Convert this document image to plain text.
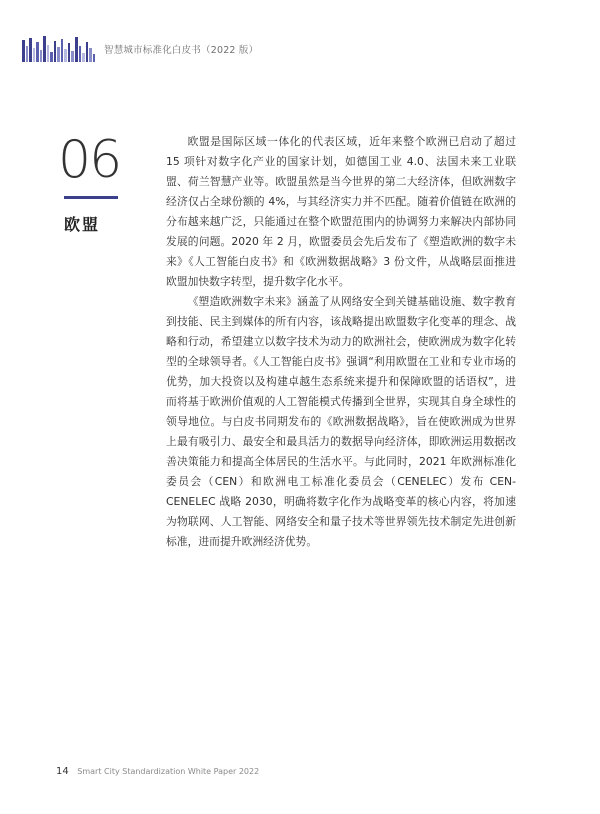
智慧城市标准化白皮书（2022 版）
06
欧盟

欧盟是国际区域一体化的代表区域，近年来整个欧洲已启动了超过 15 项针对数字化产业的国家计划，如德国工业 4.0、法国未来工业联盟、荷兰智慧产业等。欧盟虽然是当今世界的第二大经济体，但欧洲数字经济仅占全球份额的 4%，与其经济实力并不匹配。随着价值链在欧洲的分布越来越广泛，只能通过在整个欧盟范围内的协调努力来解决内部协同发展的问题。2020 年 2 月，欧盟委员会先后发布了《塑造欧洲的数字未来》《人工智能白皮书》和《欧洲数据战略》3 份文件，从战略层面推进欧盟加快数字转型，提升数字化水平。

《塑造欧洲数字未来》涵盖了从网络安全到关键基础设施、数字教育到技能、民主到媒体的所有内容，该战略提出欧盟数字化变革的理念、战略和行动，希望建立以数字技术为动力的欧洲社会，使欧洲成为数字化转型的全球领导者。《人工智能白皮书》强调“利用欧盟在工业和专业市场的优势，加大投资以及构建卓越生态系统来提升和保障欧盟的话语权”，进而将基于欧洲价值观的人工智能模式传播到全世界，实现其自身全球性的领导地位。与白皮书同期发布的《欧洲数据战略》，旨在使欧洲成为世界上最有吸引力、最安全和最具活力的数据导向经济体，即欧洲运用数据改善决策能力和提高全体居民的生活水平。与此同时，2021 年欧洲标准化委员会（CEN）和欧洲电工标准化委员会（CENELEC）发布 CEN-CENELEC 战略 2030，明确将数字化作为战略变革的核心内容，将加速为物联网、人工智能、网络安全和量子技术等世界领先技术制定先进创新标准，进而提升欧洲经济优势。

14 Smart City Standardization White Paper 2022
